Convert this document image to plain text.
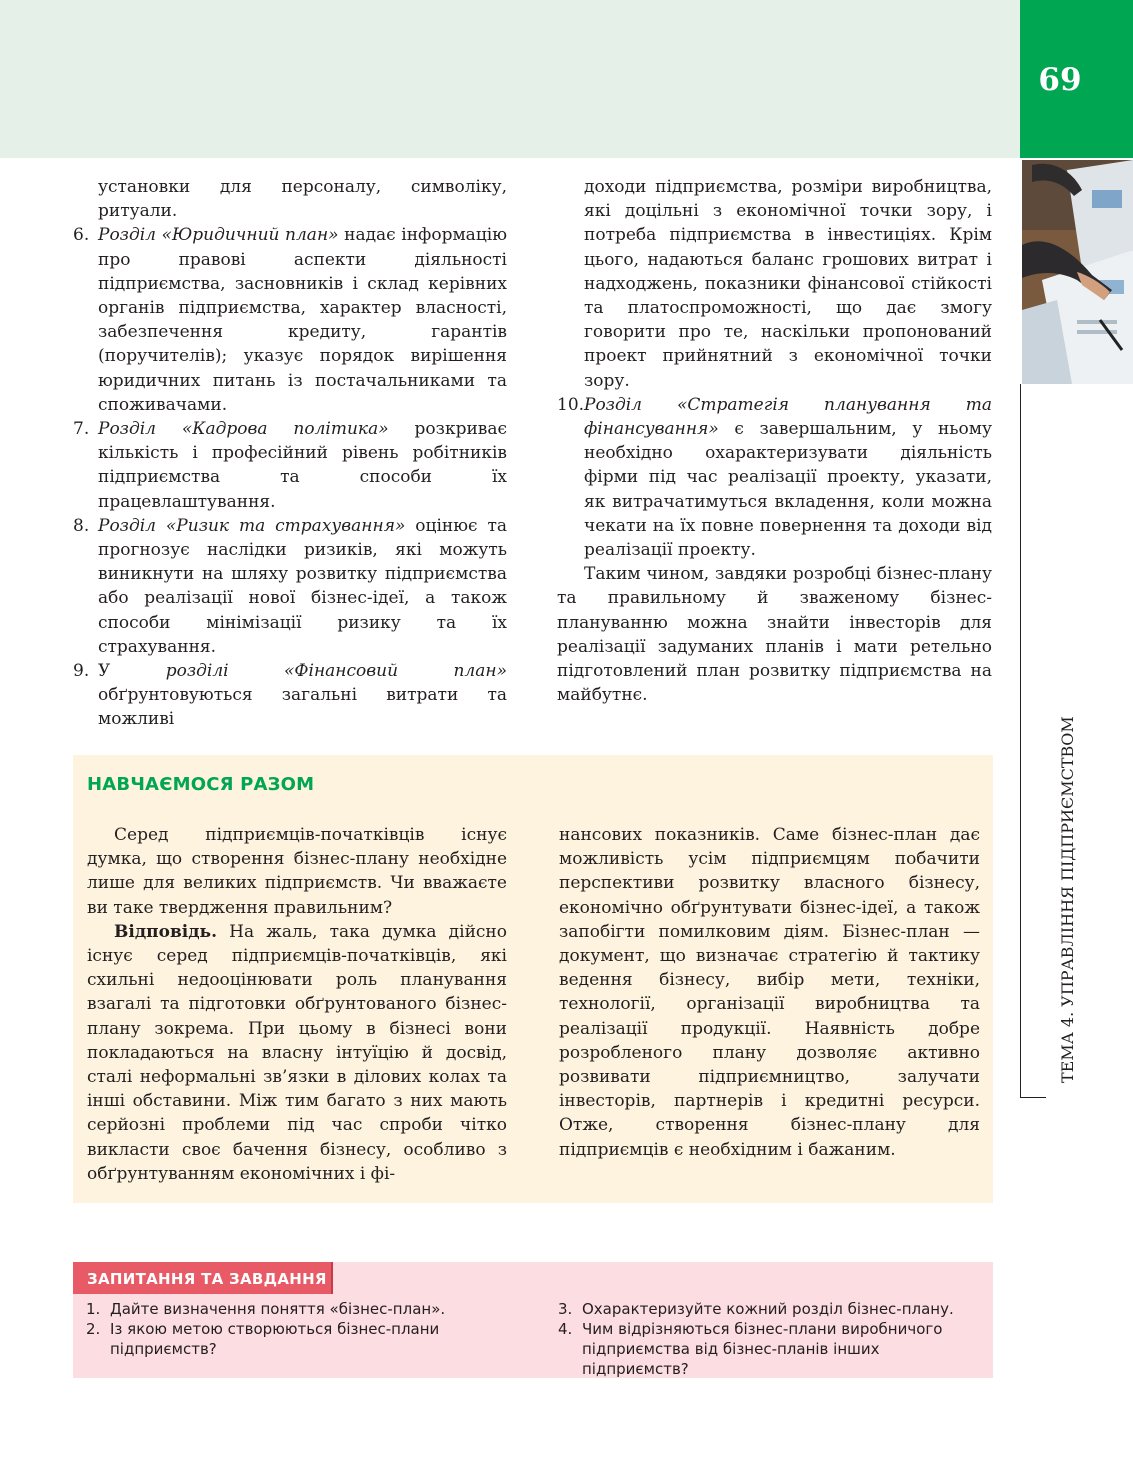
69
ТЕМА 4. УПРАВЛІННЯ ПІДПРИЄМСТВОМ

установки для персоналу, символіку, ритуали.

6. Розділ «Юридичний план» надає інформацію про правові аспекти діяльності підприємства, засновників і склад керівних органів підприємства, характер власності, забезпечення кредиту, гарантів (поручителів); указує порядок вирішення юридичних питань із постачальниками та споживачами.

7. Розділ «Кадрова політика» розкриває кількість і професійний рівень робітників підприємства та способи їх працевлаштування.

8. Розділ «Ризик та страхування» оцінює та прогнозує наслідки ризиків, які можуть виникнути на шляху розвитку підприємства або реалізації нової бізнес-ідеї, а також способи мінімізації ризику та їх страхування.

9. У розділі «Фінансовий план» обґрунтовуються загальні витрати та можливі

доходи підприємства, розміри виробництва, які доцільні з економічної точки зору, і потреба підприємства в інвестиціях. Крім цього, надаються баланс грошових витрат і надходжень, показники фінансової стійкості та платоспроможності, що дає змогу говорити про те, наскільки пропонований проект прийнятний з економічної точки зору.

10. Розділ «Стратегія планування та фінансування» є завершальним, у ньому необхідно охарактеризувати діяльність фірми під час реалізації проекту, указати, як витрачатимуться вкладення, коли можна чекати на їх повне повернення та доходи від реалізації проекту.

Таким чином, завдяки розробці бізнес-плану та правильному й зваженому бізнес-плануванню можна знайти інвесторів для реалізації задуманих планів і мати ретельно підготовлений план розвитку підприємства на майбутнє.

НАВЧАЄМОСЯ РАЗОМ

Серед підприємців-початківців існує думка, що створення бізнес-плану необхідне лише для великих підприємств. Чи вважаєте ви таке твердження правильним?

Відповідь. На жаль, така думка дійсно існує серед підприємців-початківців, які схильні недооцінювати роль планування взагалі та підготовки обґрунтованого бізнес-плану зокрема. При цьому в бізнесі вони покладаються на власну інтуїцію й досвід, сталі неформальні зв’язки в ділових колах та інші обставини. Між тим багато з них мають серйозні проблеми під час спроби чітко викласти своє бачення бізнесу, особливо з обґрунтуванням економічних і фі-

нансових показників. Саме бізнес-план дає можливість усім підприємцям побачити перспективи розвитку власного бізнесу, економічно обґрунтувати бізнес-ідеї, а також запобігти помилковим діям. Бізнес-план — документ, що визначає стратегію й тактику ведення бізнесу, вибір мети, техніки, технології, організації виробництва та реалізації продукції. Наявність добре розробленого плану дозволяє активно розвивати підприємництво, залучати інвесторів, партнерів і кредитні ресурси. Отже, створення бізнес-плану для підприємців є необхідним і бажаним.

ЗАПИТАННЯ ТА ЗАВДАННЯ
1. Дайте визначення поняття «бізнес-план».
2. Із якою метою створюються бізнес-плани підприємств?
3. Охарактеризуйте кожний розділ бізнес-плану.
4. Чим відрізняються бізнес-плани виробничого підприємства від бізнес-планів інших підприємств?
